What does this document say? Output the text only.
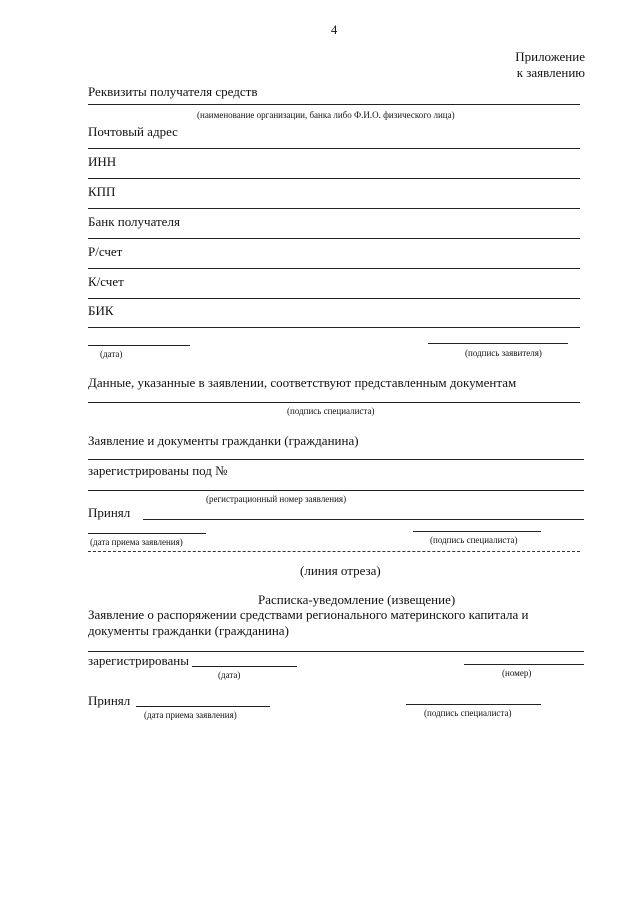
4
Приложение
к заявлению
Реквизиты получателя средств
(наименование организации, банка либо Ф.И.О. физического лица)
Почтовый адрес
ИНН
КПП
Банк получателя
Р/счет
К/счет
БИК
(дата)	(подпись заявителя)
Данные, указанные в заявлении, соответствуют представленным документам
(подпись специалиста)
Заявление и документы гражданки (гражданина)
зарегистрированы под №
(регистрационный номер заявления)
Принял
(дата приема заявления)	(подпись специалиста)
(линия отреза)
Расписка-уведомление (извещение)
Заявление о распоряжении средствами регионального материнского капитала и
документы гражданки (гражданина)
зарегистрированы
(дата)	(номер)
Принял
(дата приема заявления)	(подпись специалиста)
